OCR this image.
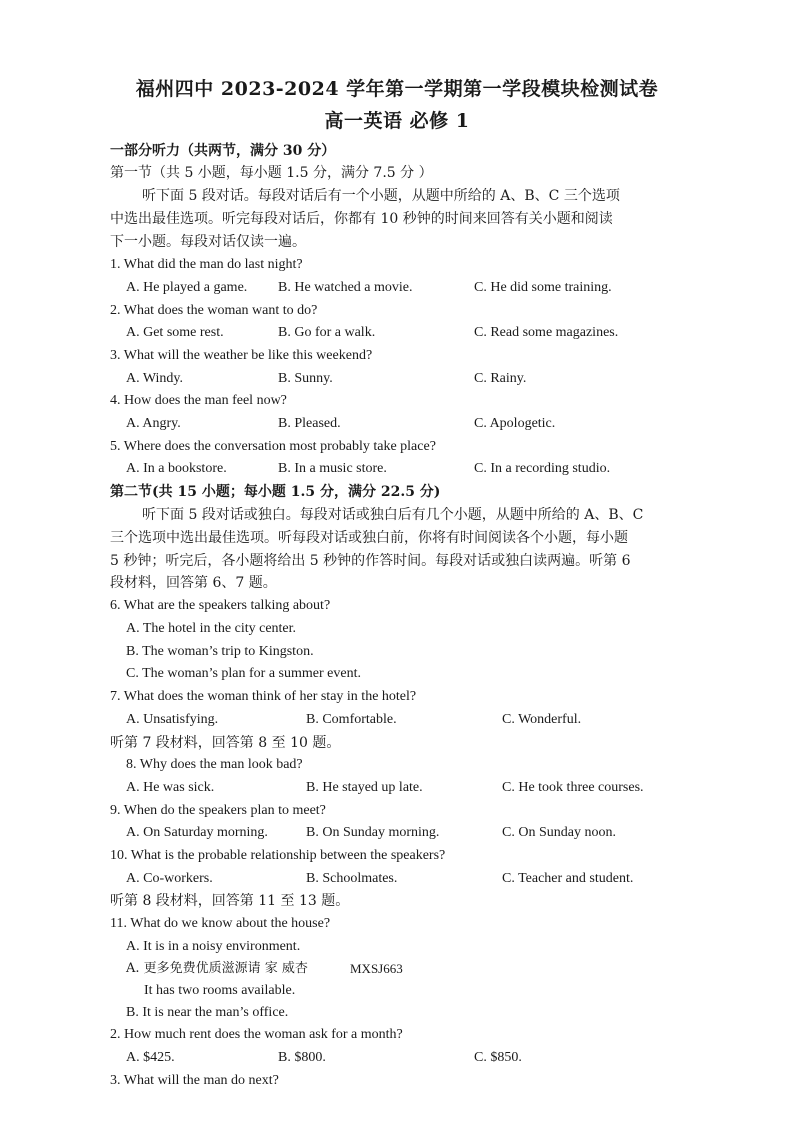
福州四中 2023-2024 学年第一学期第一学段模块检测试卷
高一英语 必修 1
一部分听力（共两节，满分 30 分）
第一节（共 5 小题，每小题 1.5 分，满分 7.5 分 ）
听下面 5 段对话。每段对话后有一个小题，从题中所给的 A、B、C 三个选项
中选出最佳选项。听完每段对话后，你都有 10 秒钟的时间来回答有关小题和阅读
下一小题。每段对话仅读一遍。
1. What did the man do last night?
A. He played a game. B. He watched a movie.	C. He did some training.
2. What does the woman want to do?
A. Get some rest.	B. Go for a walk.	C. Read some magazines.
3. What will the weather be like this weekend?
A. Windy.	B. Sunny.	C. Rainy.
4. How does the man feel now?
A. Angry.	B. Pleased.	C. Apologetic.
5. Where does the conversation most probably take place?
A. In a bookstore.	B. In a music store.	C. In a recording studio.
第二节(共 15 小题；每小题 1.5 分，满分 22.5 分)
听下面 5 段对话或独白。每段对话或独白后有几个小题，从题中所给的 A、B、C
三个选项中选出最佳选项。听每段对话或独白前，你将有时间阅读各个小题，每小题
5 秒钟；听完后，各小题将给出 5 秒钟的作答时间。每段对话或独白读两遍。听第 6
段材料，回答第 6、7 题。
6. What are the speakers talking about?
A. The hotel in the city center.
B. The woman’s trip to Kingston.
C. The woman’s plan for a summer event.
7. What does the woman think of her stay in the hotel?
A. Unsatisfying.	B. Comfortable.	C. Wonderful.
听第 7 段材料，回答第 8 至 10 题。
8. Why does the man look bad?
A. He was sick.	B. He stayed up late.	C. He took three courses.
9. When do the speakers plan to meet?
A. On Saturday morning.	B. On Sunday morning.	C. On Sunday noon.
10. What is the probable relationship between the speakers?
A. Co-workers.	B. Schoolmates.	C. Teacher and student.
听第 8 段材料，回答第 11 至 13 题。
11. What do we know about the house?
A. It is in a noisy environment.
A. 更多免费优质滋源请 家 威杏	MXSJ663
It has two rooms available.
B. It is near the man’s office.
2. How much rent does the woman ask for a month?
A. $425.	B. $800.	C. $850.
3. What will the man do next?
